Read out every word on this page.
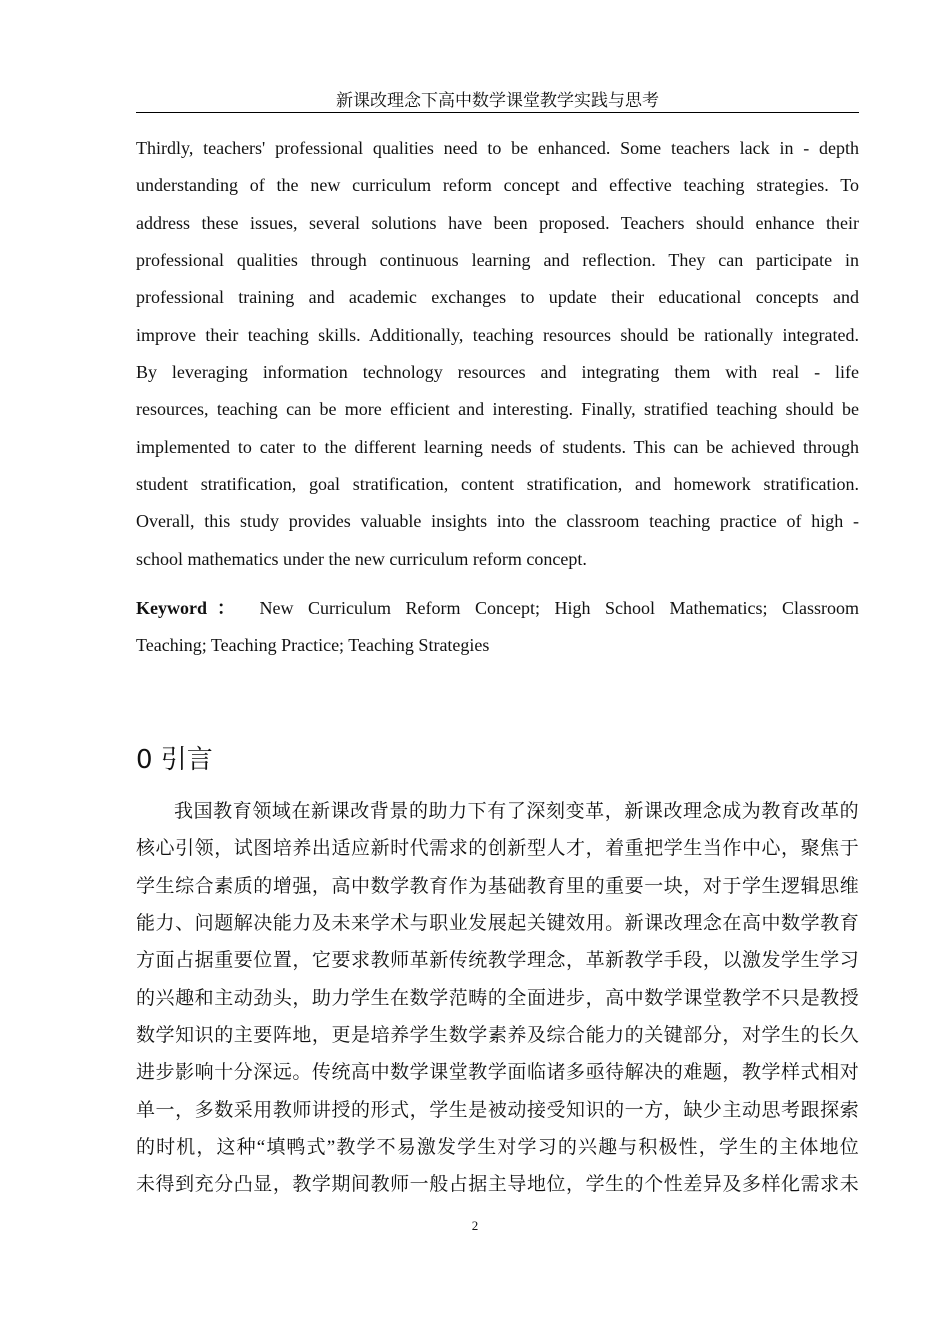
新课改理念下高中数学课堂教学实践与思考
Thirdly, teachers' professional qualities need to be enhanced. Some teachers lack in - depth
understanding of the new curriculum reform concept and effective teaching strategies. To
address these issues, several solutions have been proposed. Teachers should enhance their
professional qualities through continuous learning and reflection. They can participate in
professional training and academic exchanges to update their educational concepts and
improve their teaching skills. Additionally, teaching resources should be rationally integrated.
By leveraging information technology resources and integrating them with real - life
resources, teaching can be more efficient and interesting. Finally, stratified teaching should be
implemented to cater to the different learning needs of students. This can be achieved through
student stratification, goal stratification, content stratification, and homework stratification.
Overall, this study provides valuable insights into the classroom teaching practice of high -
school mathematics under the new curriculum reform concept.
Keyword： New Curriculum Reform Concept; High School Mathematics; Classroom
Teaching; Teaching Practice; Teaching Strategies
0 引言
我国教育领域在新课改背景的助力下有了深刻变革，新课改理念成为教育改革的
核心引领，试图培养出适应新时代需求的创新型人才，着重把学生当作中心，聚焦于
学生综合素质的增强，高中数学教育作为基础教育里的重要一块，对于学生逻辑思维
能力、问题解决能力及未来学术与职业发展起关键效用。新课改理念在高中数学教育
方面占据重要位置，它要求教师革新传统教学理念，革新教学手段，以激发学生学习
的兴趣和主动劲头，助力学生在数学范畴的全面进步，高中数学课堂教学不只是教授
数学知识的主要阵地，更是培养学生数学素养及综合能力的关键部分，对学生的长久
进步影响十分深远。传统高中数学课堂教学面临诸多亟待解决的难题，教学样式相对
单一，多数采用教师讲授的形式，学生是被动接受知识的一方，缺少主动思考跟探索
的时机，这种“填鸭式”教学不易激发学生对学习的兴趣与积极性，学生的主体地位
未得到充分凸显，教学期间教师一般占据主导地位，学生的个性差异及多样化需求未
2
